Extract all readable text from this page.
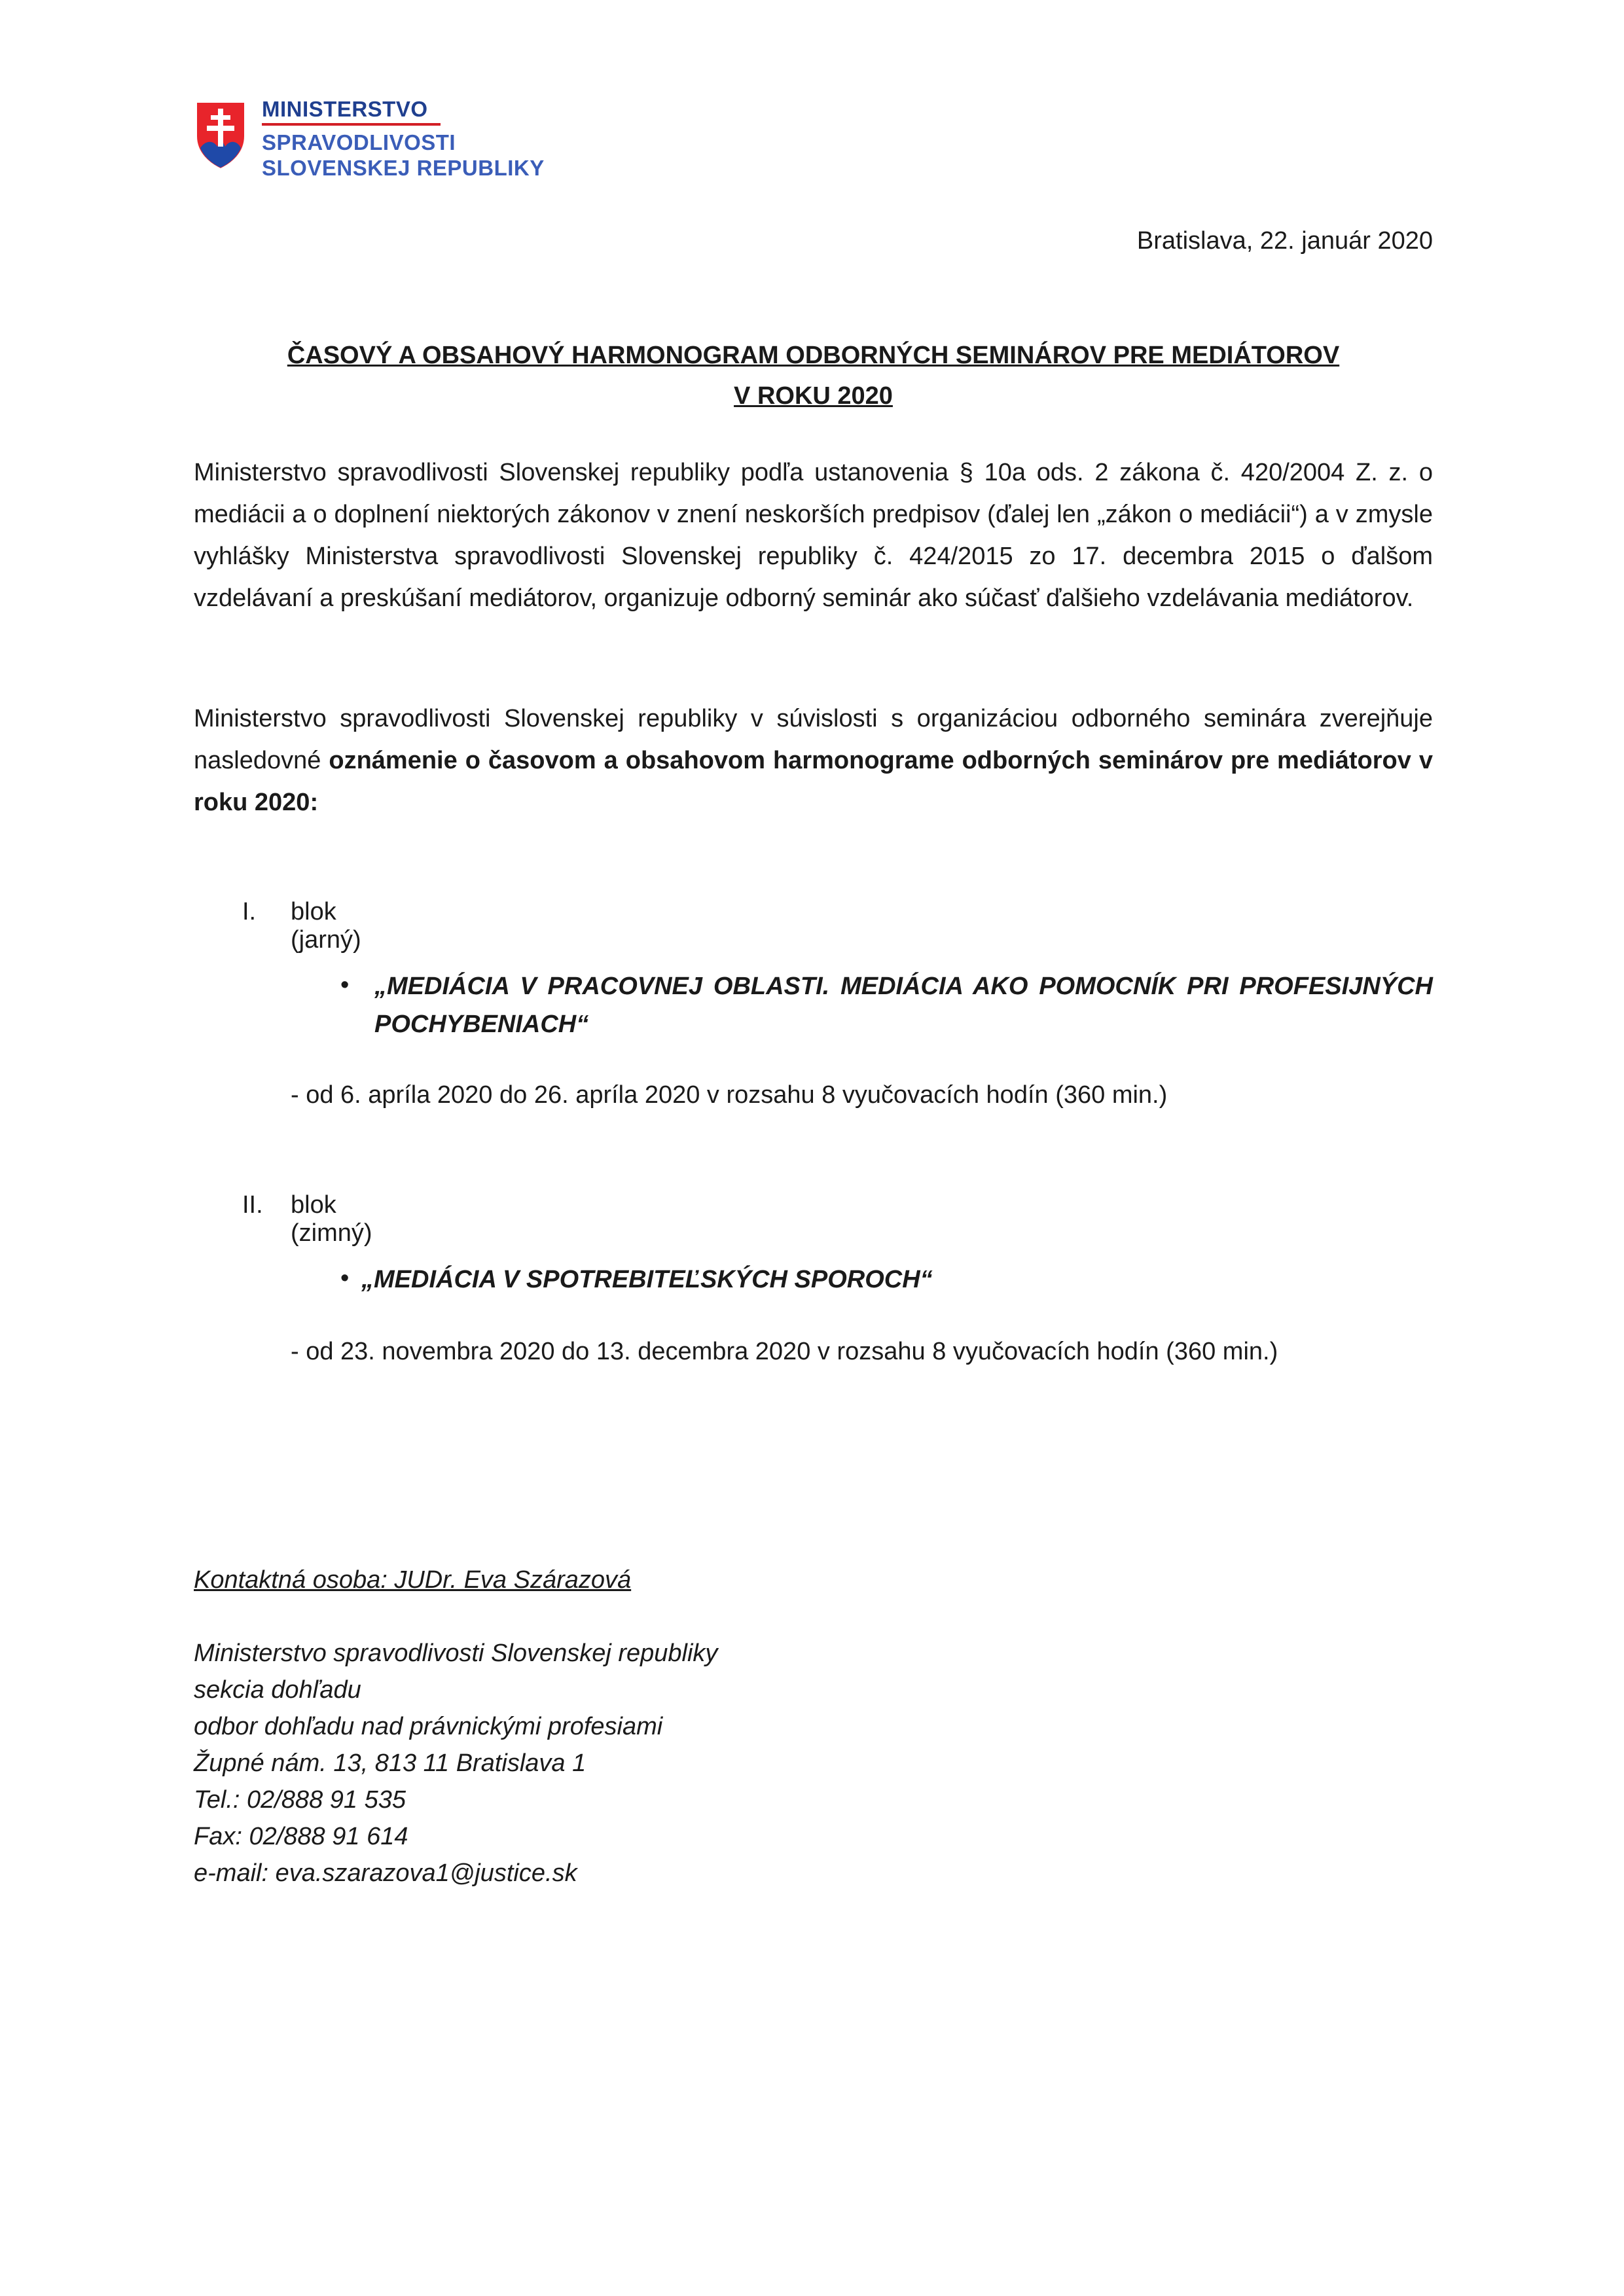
MINISTERSTVO
SPRAVODLIVOSTI
SLOVENSKEJ REPUBLIKY
Bratislava, 22. január 2020
ČASOVÝ A OBSAHOVÝ HARMONOGRAM ODBORNÝCH SEMINÁROV PRE MEDIÁTOROV
V ROKU 2020
Ministerstvo spravodlivosti Slovenskej republiky podľa ustanovenia § 10a ods. 2 zákona č. 420/2004 Z. z. o mediácii a o doplnení niektorých zákonov v znení neskorších predpisov (ďalej len „zákon o mediácii“) a v zmysle vyhlášky Ministerstva spravodlivosti Slovenskej republiky č. 424/2015 zo 17. decembra 2015 o ďalšom vzdelávaní a preskúšaní mediátorov, organizuje odborný seminár ako súčasť ďalšieho vzdelávania mediátorov.
Ministerstvo spravodlivosti Slovenskej republiky v súvislosti s organizáciou odborného seminára zverejňuje nasledovné oznámenie o časovom a obsahovom harmonograme odborných seminárov pre mediátorov v roku 2020:
I. blok (jarný)
• „MEDIÁCIA V PRACOVNEJ OBLASTI. MEDIÁCIA AKO POMOCNÍK PRI PROFESIJNÝCH POCHYBENIACH“
- od 6. apríla 2020 do 26. apríla 2020 v rozsahu 8 vyučovacích hodín (360 min.)
II. blok (zimný)
• „MEDIÁCIA V SPOTREBITEĽSKÝCH SPOROCH“
- od 23. novembra 2020 do 13. decembra 2020 v rozsahu 8 vyučovacích hodín (360 min.)
Kontaktná osoba: JUDr. Eva Szárazová
Ministerstvo spravodlivosti Slovenskej republiky
sekcia dohľadu
odbor dohľadu nad právnickými profesiami
Župné nám. 13, 813 11 Bratislava 1
Tel.: 02/888 91 535
Fax: 02/888 91 614
e-mail: eva.szarazova1@justice.sk
